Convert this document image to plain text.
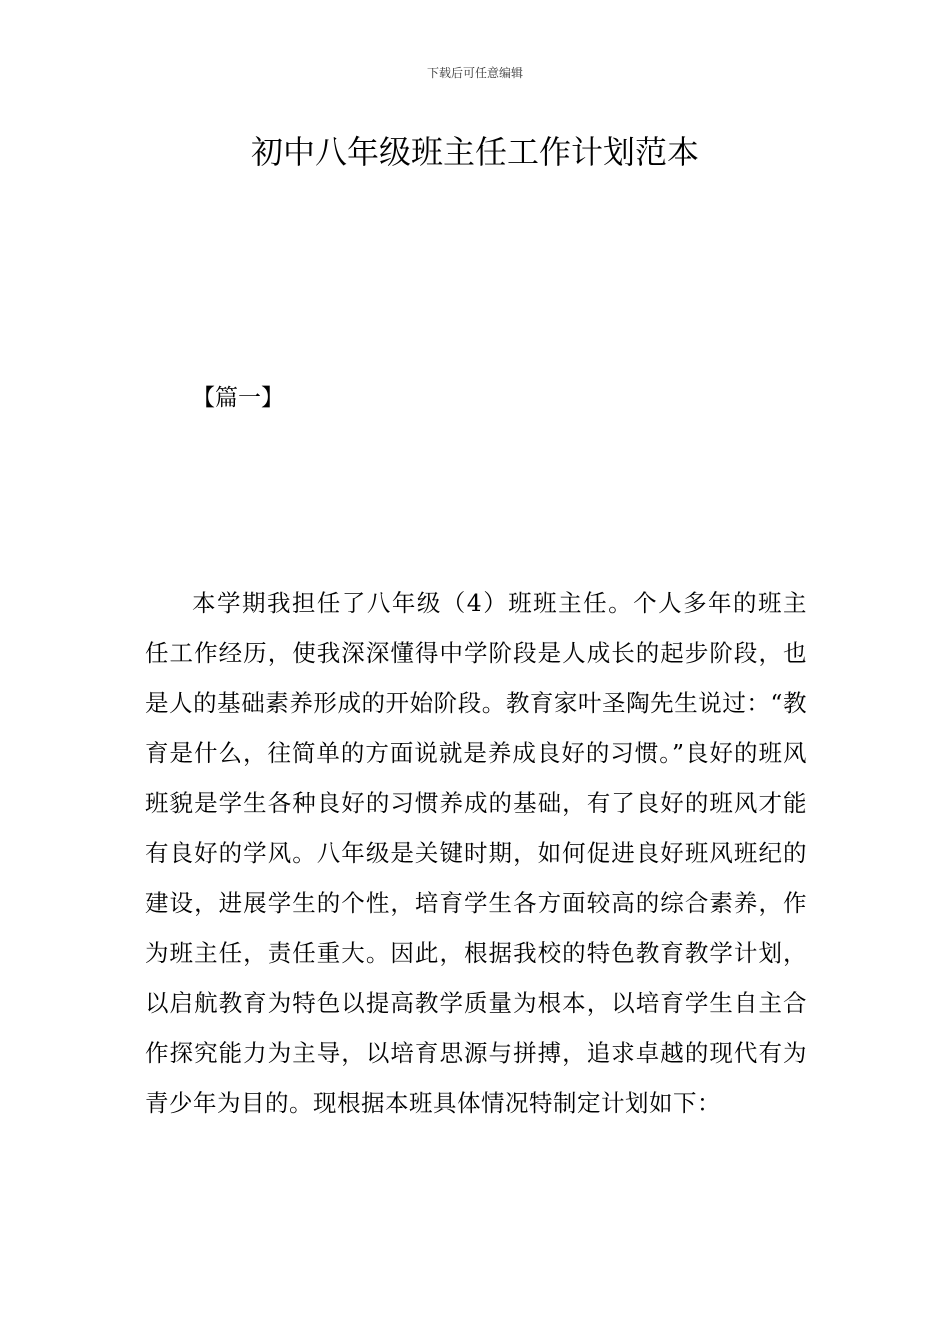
下载后可任意编辑
初中八年级班主任工作计划范本
【篇一】

本学期我担任了八年级（4）班班主任。个人多年的班主任工作经历，使我深深懂得中学阶段是人成长的起步阶段，也是人的基础素养形成的开始阶段。教育家叶圣陶先生说过：“教育是什么，往简单的方面说就是养成良好的习惯。”良好的班风班貌是学生各种良好的习惯养成的基础，有了良好的班风才能有良好的学风。八年级是关键时期，如何促进良好班风班纪的建设，进展学生的个性，培育学生各方面较高的综合素养，作为班主任，责任重大。因此，根据我校的特色教育教学计划，以启航教育为特色以提高教学质量为根本，以培育学生自主合作探究能力为主导，以培育思源与拼搏，追求卓越的现代有为青少年为目的。现根据本班具体情况特制定计划如下：
